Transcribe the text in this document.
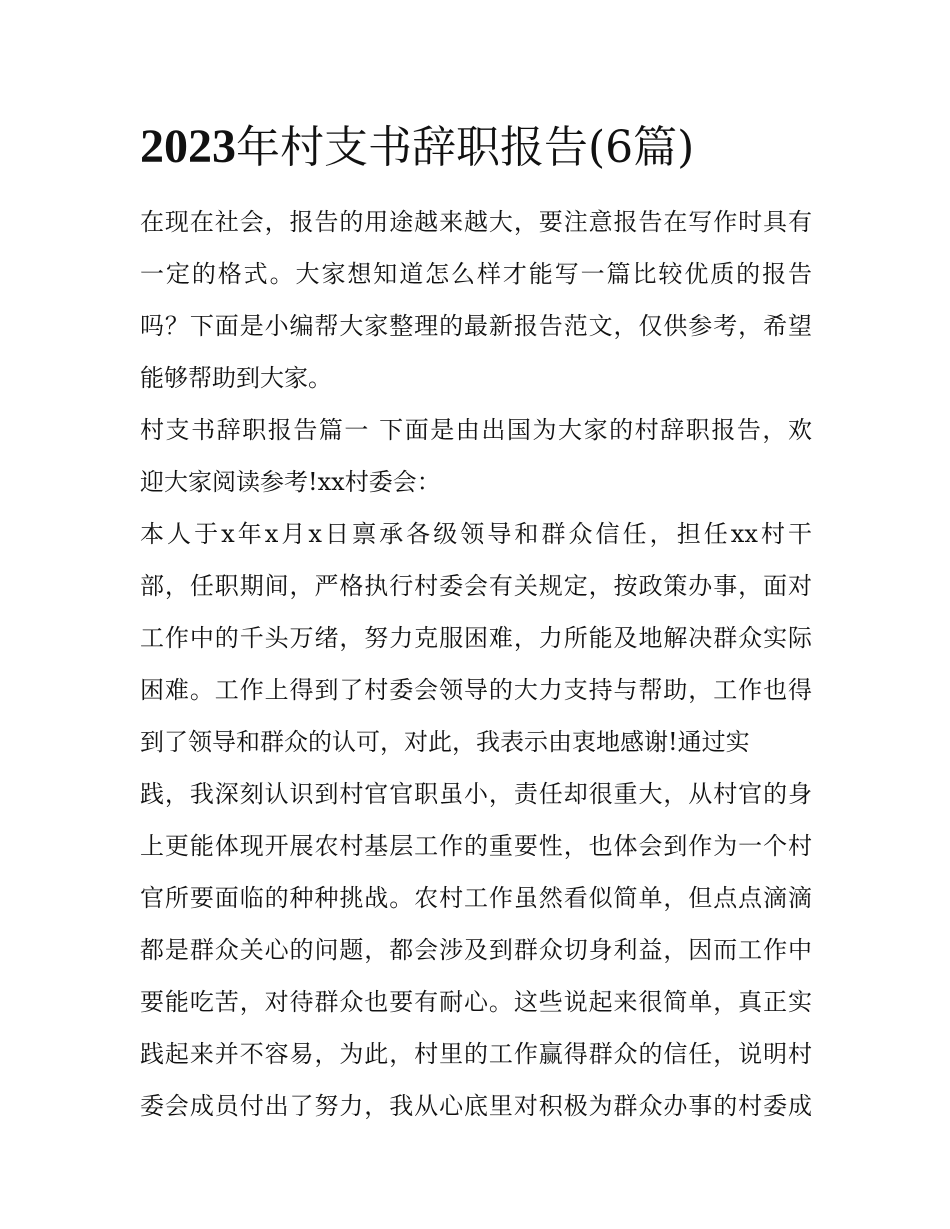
2023年村支书辞职报告(6篇)
在现在社会，报告的用途越来越大，要注意报告在写作时具有
一定的格式。大家想知道怎么样才能写一篇比较优质的报告
吗？下面是小编帮大家整理的最新报告范文，仅供参考，希望
能够帮助到大家。
村支书辞职报告篇一 下面是由出国为大家的村辞职报告，欢
迎大家阅读参考!xx村委会：
本人于x年x月x日禀承各级领导和群众信任，担任xx村干
部，任职期间，严格执行村委会有关规定，按政策办事，面对
工作中的千头万绪，努力克服困难，力所能及地解决群众实际
困难。工作上得到了村委会领导的大力支持与帮助，工作也得
到了领导和群众的认可，对此，我表示由衷地感谢!通过实
践，我深刻认识到村官官职虽小，责任却很重大，从村官的身
上更能体现开展农村基层工作的重要性，也体会到作为一个村
官所要面临的种种挑战。农村工作虽然看似简单，但点点滴滴
都是群众关心的问题，都会涉及到群众切身利益，因而工作中
要能吃苦，对待群众也要有耐心。这些说起来很简单，真正实
践起来并不容易，为此，村里的工作赢得群众的信任，说明村
委会成员付出了努力，我从心底里对积极为群众办事的村委成
